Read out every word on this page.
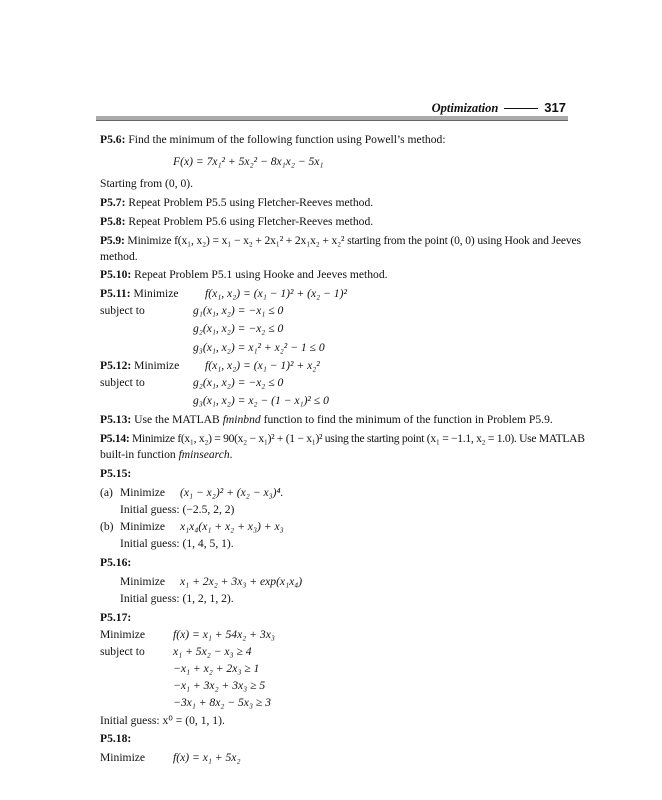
Optimization	317
P5.6: Find the minimum of the following function using Powell’s method:
F(x) = 7x₁² + 5x₂² − 8x₁x₂ − 5x₁
Starting from (0, 0).
P5.7: Repeat Problem P5.5 using Fletcher-Reeves method.
P5.8: Repeat Problem P5.6 using Fletcher-Reeves method.
P5.9: Minimize f(x₁, x₂) = x₁ − x₂ + 2x₁² + 2x₁x₂ + x₂² starting from the point (0, 0) using Hook and Jeeves
method.
P5.10: Repeat Problem P5.1 using Hooke and Jeeves method.
P5.11: Minimize f(x₁, x₂) = (x₁ − 1)² + (x₂ − 1)²
subject to	g₁(x₁, x₂) = −x₁ ≤ 0
g₂(x₁, x₂) = −x₂ ≤ 0
g₃(x₁, x₂) = x₁² + x₂² − 1 ≤ 0
P5.12: Minimize f(x₁, x₂) = (x₁ − 1)² + x₂²
subject to	g₂(x₁, x₂) = −x₂ ≤ 0
g₃(x₁, x₂) = x₂ − (1 − x₁)² ≤ 0
P5.13: Use the MATLAB fminbnd function to find the minimum of the function in Problem P5.9.
P5.14: Minimize f(x₁, x₂) = 90(x₂ − x₁)² + (1 − x₁)² using the starting point (x₁ = −1.1, x₂ = 1.0). Use MATLAB
built-in function fminsearch.
P5.15:
(a) Minimize (x₁ − x₂)² + (x₂ − x₃)⁴.
Initial guess: (−2.5, 2, 2)
(b) Minimize x₁x₄(x₁ + x₂ + x₃) + x₃
Initial guess: (1, 4, 5, 1).
P5.16:
Minimize x₁ + 2x₂ + 3x₃ + exp(x₁x₄)
Initial guess: (1, 2, 1, 2).
P5.17:
Minimize f(x) = x₁ + 54x₂ + 3x₃
subject to x₁ + 5x₂ − x₃ ≥ 4
−x₁ + x₂ + 2x₃ ≥ 1
−x₁ + 3x₂ + 3x₃ ≥ 5
−3x₁ + 8x₂ − 5x₃ ≥ 3
Initial guess: x⁰ = (0, 1, 1).
P5.18:
Minimize f(x) = x₁ + 5x₂
